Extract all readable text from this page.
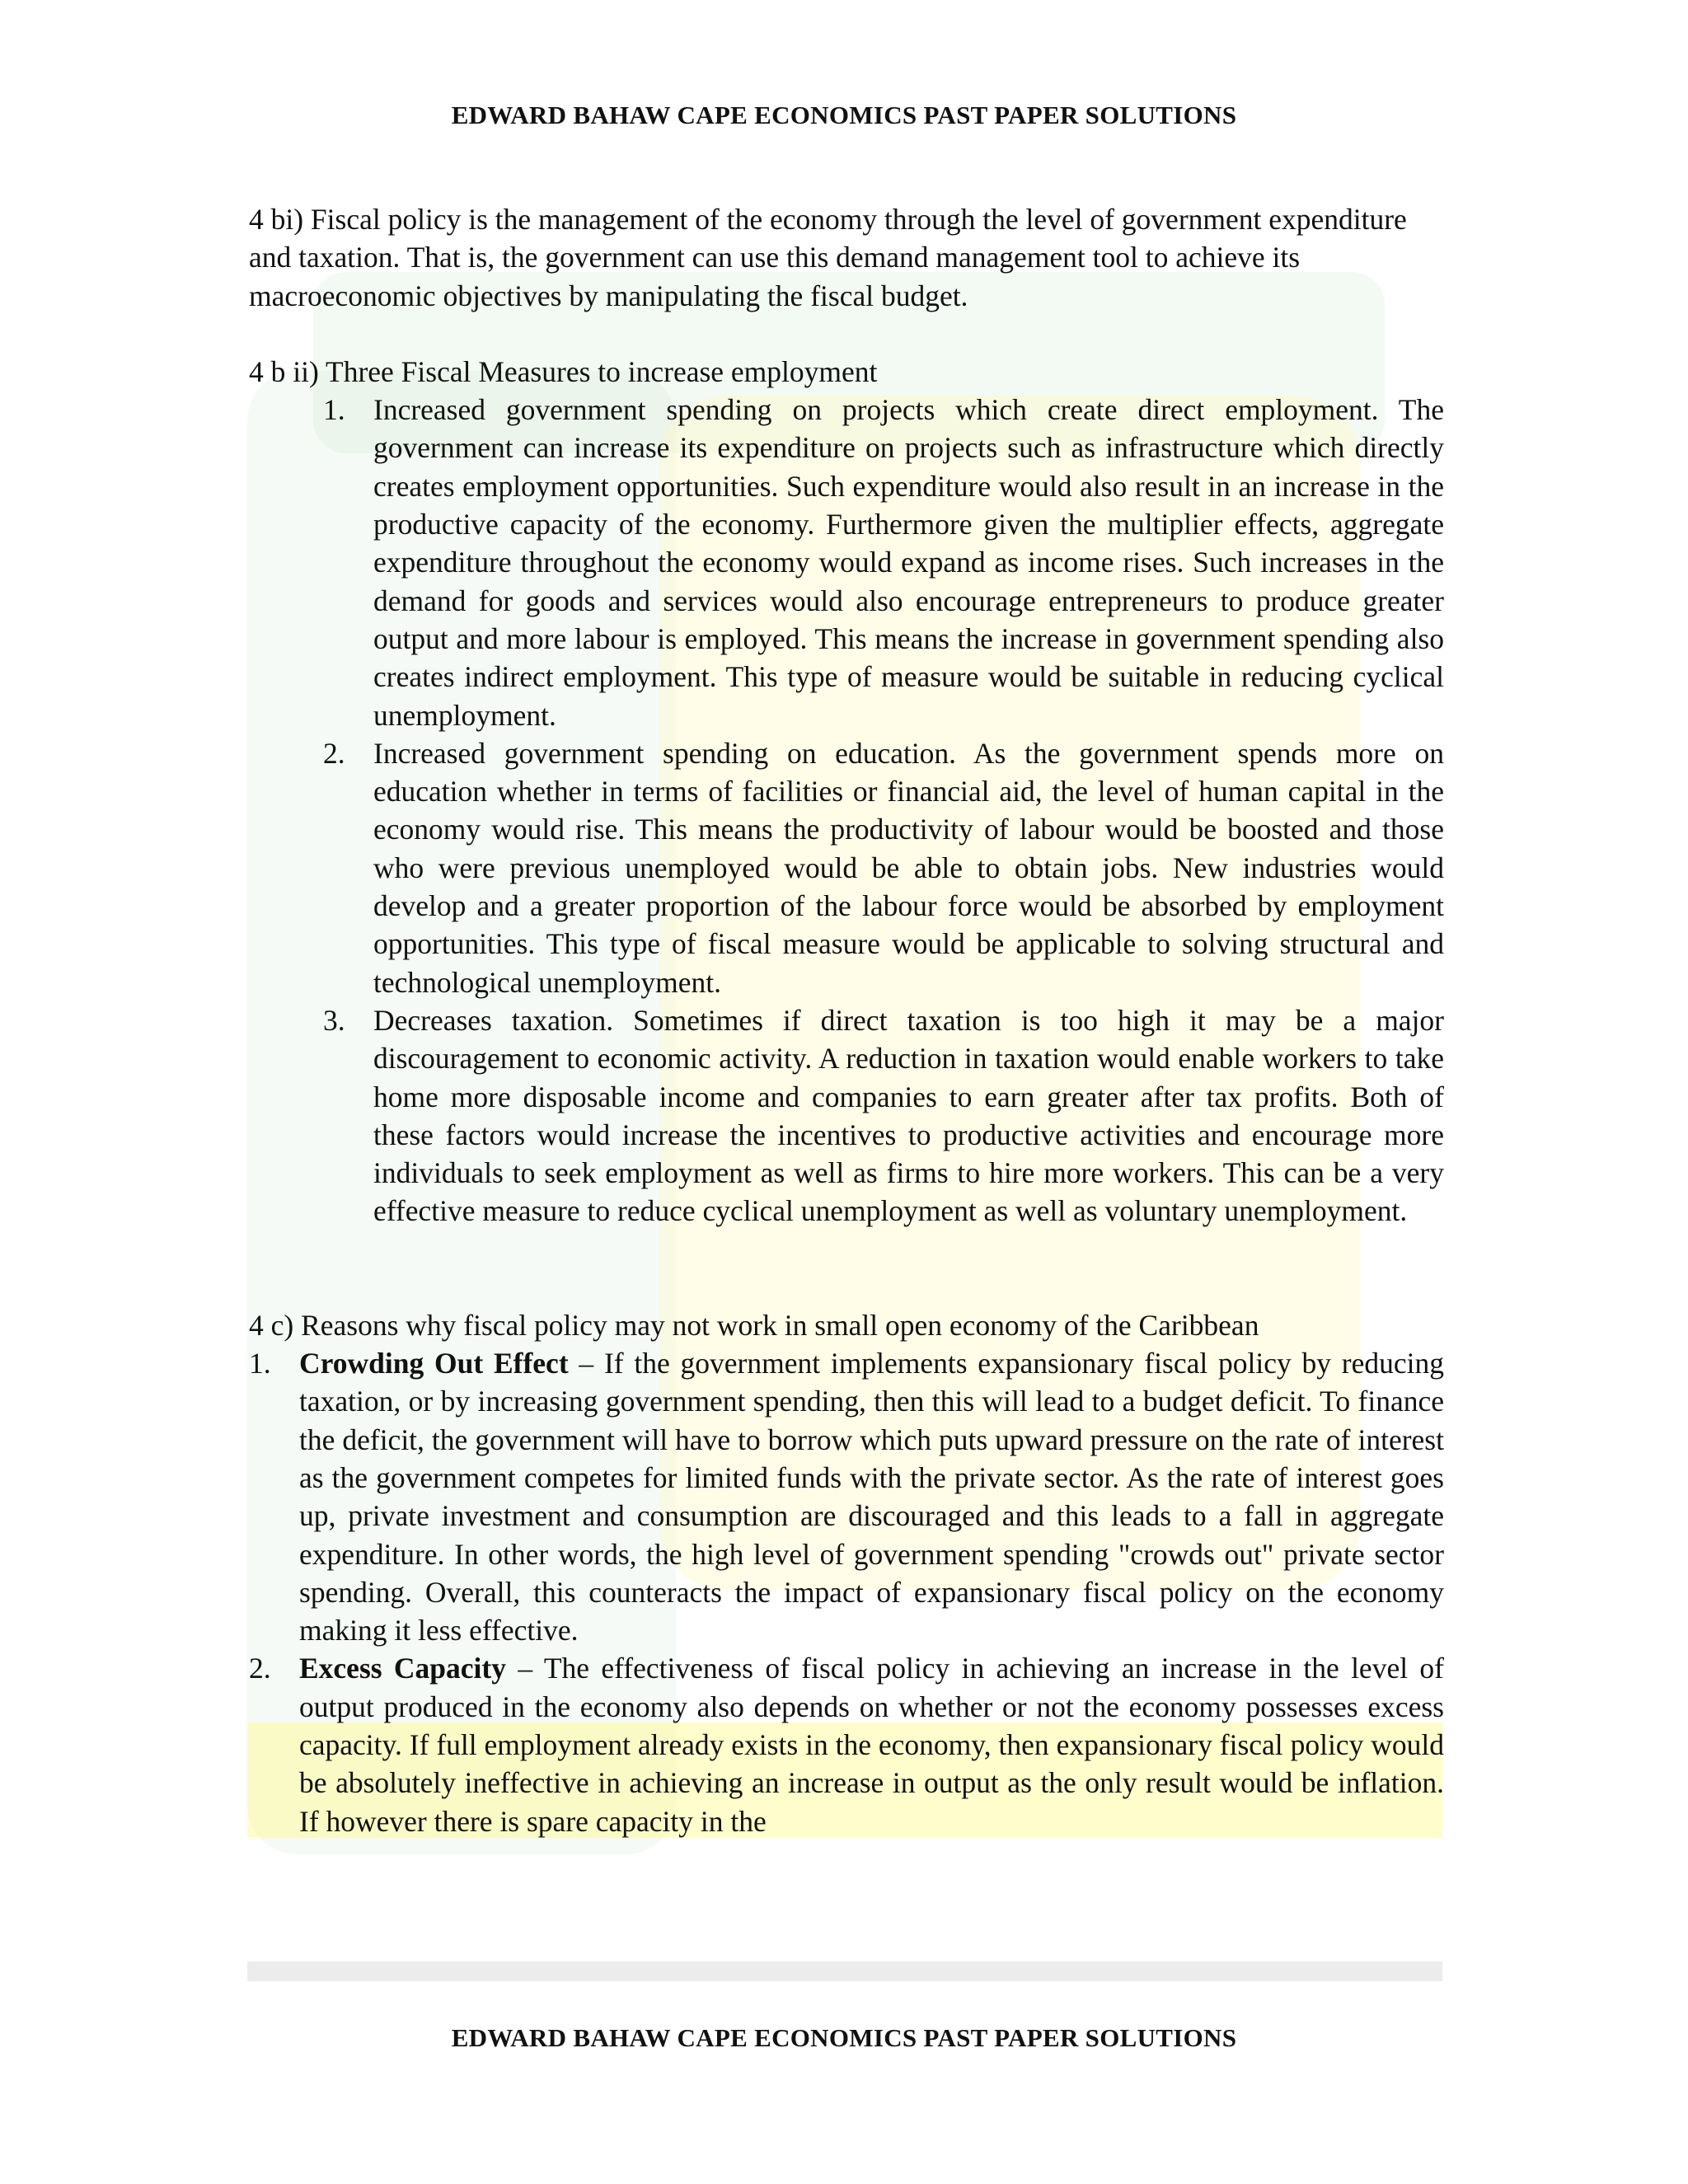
EDWARD BAHAW CAPE ECONOMICS PAST PAPER SOLUTIONS

4 bi) Fiscal policy is the management of the economy through the level of government expenditure and taxation. That is, the government can use this demand management tool to achieve its macroeconomic objectives by manipulating the fiscal budget.

4 b ii) Three Fiscal Measures to increase employment

1. Increased government spending on projects which create direct employment. The government can increase its expenditure on projects such as infrastructure which directly creates employment opportunities. Such expenditure would also result in an increase in the productive capacity of the economy. Furthermore given the multiplier effects, aggregate expenditure throughout the economy would expand as income rises. Such increases in the demand for goods and services would also encourage entrepreneurs to produce greater output and more labour is employed. This means the increase in government spending also creates indirect employment. This type of measure would be suitable in reducing cyclical unemployment.
2. Increased government spending on education. As the government spends more on education whether in terms of facilities or financial aid, the level of human capital in the economy would rise. This means the productivity of labour would be boosted and those who were previous unemployed would be able to obtain jobs. New industries would develop and a greater proportion of the labour force would be absorbed by employment opportunities. This type of fiscal measure would be applicable to solving structural and technological unemployment.
3. Decreases taxation. Sometimes if direct taxation is too high it may be a major discouragement to economic activity. A reduction in taxation would enable workers to take home more disposable income and companies to earn greater after tax profits. Both of these factors would increase the incentives to productive activities and encourage more individuals to seek employment as well as firms to hire more workers. This can be a very effective measure to reduce cyclical unemployment as well as voluntary unemployment.

4 c) Reasons why fiscal policy may not work in small open economy of the Caribbean

1. Crowding Out Effect – If the government implements expansionary fiscal policy by reducing taxation, or by increasing government spending, then this will lead to a budget deficit. To finance the deficit, the government will have to borrow which puts upward pressure on the rate of interest as the government competes for limited funds with the private sector. As the rate of interest goes up, private investment and consumption are discouraged and this leads to a fall in aggregate expenditure. In other words, the high level of government spending "crowds out" private sector spending. Overall, this counteracts the impact of expansionary fiscal policy on the economy making it less effective.
2. Excess Capacity – The effectiveness of fiscal policy in achieving an increase in the level of output produced in the economy also depends on whether or not the economy possesses excess capacity. If full employment already exists in the economy, then expansionary fiscal policy would be absolutely ineffective in achieving an increase in output as the only result would be inflation. If however there is spare capacity in the
EDWARD BAHAW CAPE ECONOMICS PAST PAPER SOLUTIONS
